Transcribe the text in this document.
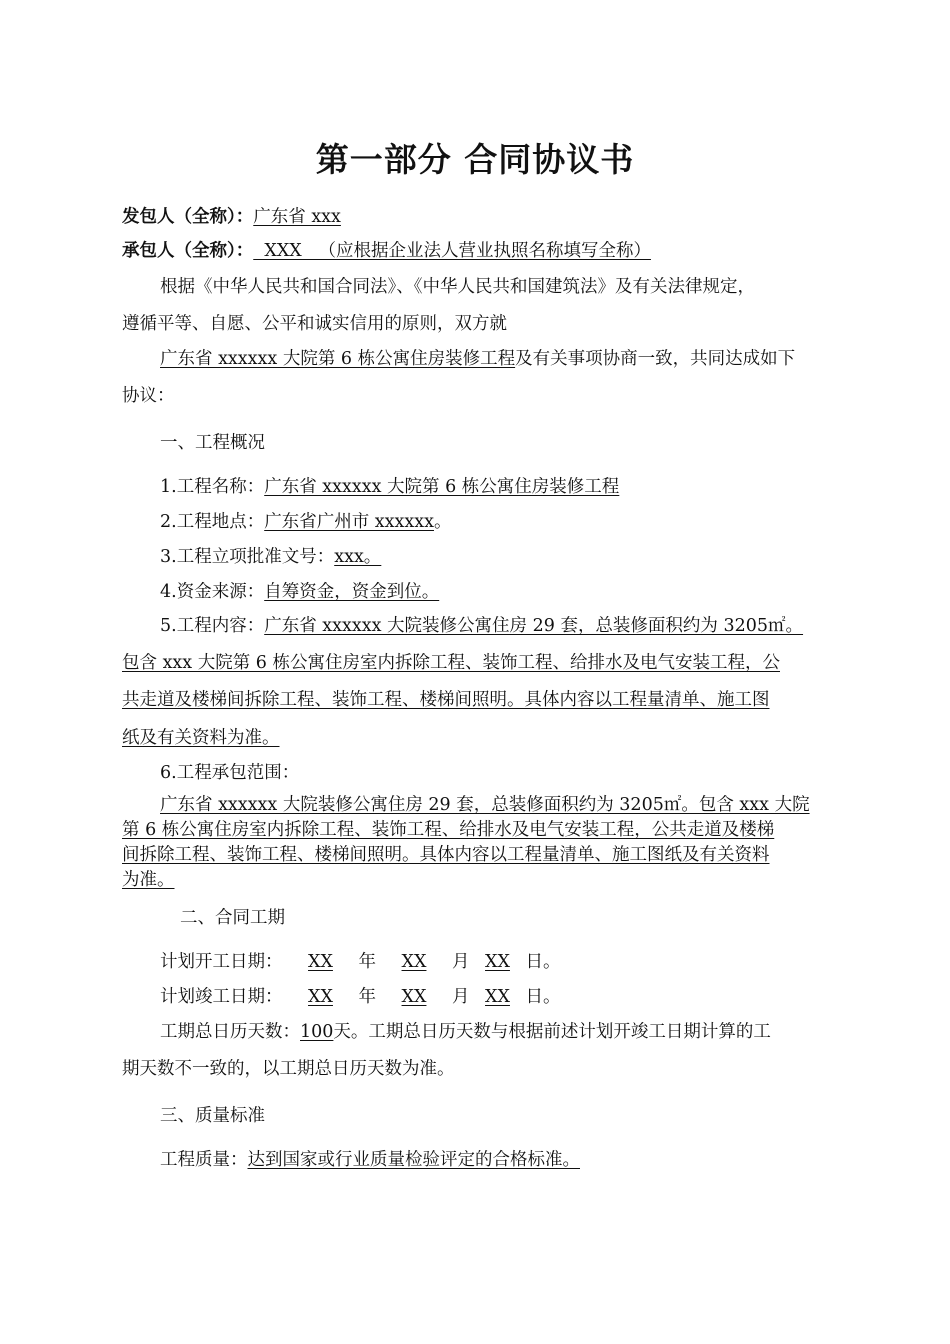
第一部分 合同协议书
发包人（全称）：广东省 xxx
承包人（全称）：  XXX   （应根据企业法人营业执照名称填写全称）
根据《中华人民共和国合同法》、《中华人民共和国建筑法》及有关法律规定，
遵循平等、自愿、公平和诚实信用的原则，双方就
广东省 xxxxxx 大院第 6 栋公寓住房装修工程及有关事项协商一致，共同达成如下
协议：
一、工程概况
1.工程名称：广东省 xxxxxx 大院第 6 栋公寓住房装修工程
2.工程地点：广东省广州市 xxxxxx。
3.工程立项批准文号：xxx。
4.资金来源：自筹资金，资金到位。
5.工程内容：广东省 xxxxxx 大院装修公寓住房 29 套，总装修面积约为 3205㎡。
包含 xxx 大院第 6 栋公寓住房室内拆除工程、装饰工程、给排水及电气安装工程，公
共走道及楼梯间拆除工程、装饰工程、楼梯间照明。具体内容以工程量清单、施工图
纸及有关资料为准。
6.工程承包范围：
广东省 xxxxxx 大院装修公寓住房 29 套，总装修面积约为 3205㎡。包含 xxx 大院
第 6 栋公寓住房室内拆除工程、装饰工程、给排水及电气安装工程，公共走道及楼梯
间拆除工程、装饰工程、楼梯间照明。具体内容以工程量清单、施工图纸及有关资料
为准。
二、合同工期
计划开工日期： XX 年 XX 月 XX 日。
计划竣工日期： XX 年 XX 月 XX 日。
工期总日历天数：100天。工期总日历天数与根据前述计划开竣工日期计算的工
期天数不一致的，以工期总日历天数为准。
三、质量标准
工程质量：达到国家或行业质量检验评定的合格标准。
